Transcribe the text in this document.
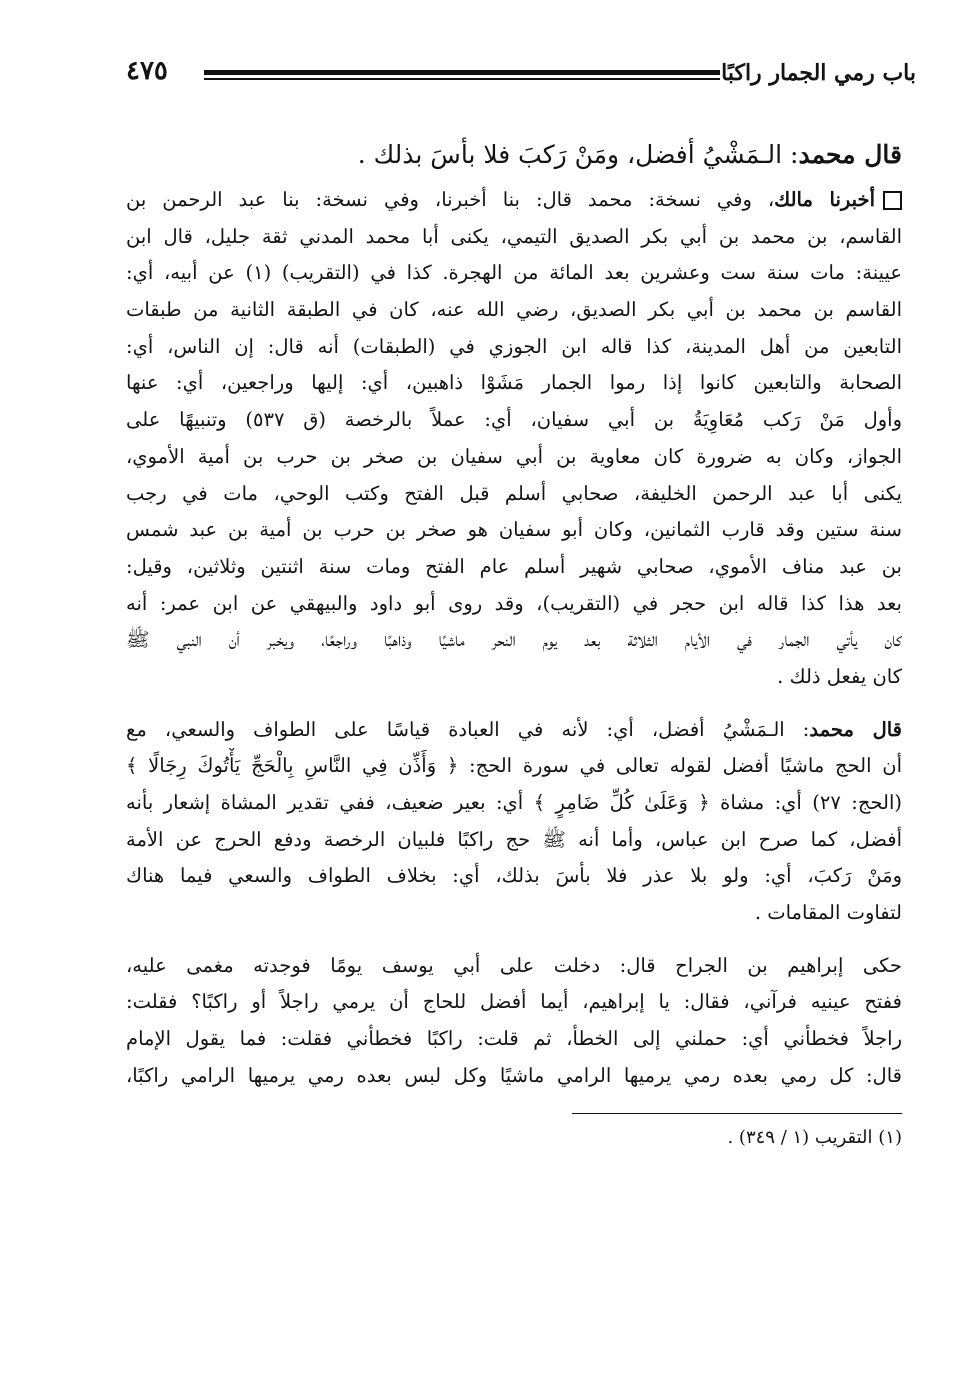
٤٧٥	باب رمي الجمار راكبًا
قال محمد: الـمَشْيُ أفضل، ومَنْ رَكبَ فلا بأسَ بذلك .
أخبرنا مالك، وفي نسخة: محمد قال: بنا أخبرنا، وفي نسخة: بنا عبد الرحمن بن
القاسم، بن محمد بن أبي بكر الصديق التيمي، يكنى أبا محمد المدني ثقة جليل، قال ابن
عيينة: مات سنة ست وعشرين بعد المائة من الهجرة. كذا في (التقريب) (١) عن أبيه، أي:
القاسم بن محمد بن أبي بكر الصديق، رضي الله عنه، كان في الطبقة الثانية من طبقات
التابعين من أهل المدينة، كذا قاله ابن الجوزي في (الطبقات) أنه قال: إن الناس، أي:
الصحابة والتابعين كانوا إذا رموا الجمار مَشَوْا ذاهبين، أي: إليها وراجعين، أي: عنها
وأول مَنْ رَكب مُعَاوِيَةُ بن أبي سفيان، أي: عملاً بالرخصة (ق ٥٣٧) وتنبيهًا على
الجواز، وكان به ضرورة كان معاوية بن أبي سفيان بن صخر بن حرب بن أمية الأموي،
يكنى أبا عبد الرحمن الخليفة، صحابي أسلم قبل الفتح وكتب الوحي، مات في رجب
سنة ستين وقد قارب الثمانين، وكان أبو سفيان هو صخر بن حرب بن أمية بن عبد شمس
بن عبد مناف الأموي، صحابي شهير أسلم عام الفتح ومات سنة اثنتين وثلاثين، وقيل:
بعد هذا كذا قاله ابن حجر في (التقريب)، وقد روى أبو داود والبيهقي عن ابن عمر: أنه
كان يأتي الجمار في الأيام الثلاثة بعد يوم النحر ماشيًا وذاهبًا وراجعًا، ويخبر أن النبي ﷺ
كان يفعل ذلك .
قال محمد: الـمَشْيُ أفضل، أي: لأنه في العبادة قياسًا على الطواف والسعي، مع
أن الحج ماشيًا أفضل لقوله تعالى في سورة الحج: ﴿ وَأَذِّن فِي النَّاسِ بِالْحَجِّ يَأْتُوكَ رِجَالًا ﴾
(الحج: ٢٧) أي: مشاة ﴿ وَعَلَىٰ كُلِّ ضَامِرٍ ﴾ أي: بعير ضعيف، ففي تقدير المشاة إشعار بأنه
أفضل، كما صرح ابن عباس، وأما أنه ﷺ حج راكبًا فلبيان الرخصة ودفع الحرج عن الأمة
ومَنْ رَكبَ، أي: ولو بلا عذر فلا بأسَ بذلك، أي: بخلاف الطواف والسعي فيما هناك
لتفاوت المقامات .
حكى إبراهيم بن الجراح قال: دخلت على أبي يوسف يومًا فوجدته مغمى عليه،
ففتح عينيه فرآني، فقال: يا إبراهيم، أيما أفضل للحاج أن يرمي راجلاً أو راكبًا؟ فقلت:
راجلاً فخطأني أي: حملني إلى الخطأ، ثم قلت: راكبًا فخطأني فقلت: فما يقول الإمام
قال: كل رمي بعده رمي يرميها الرامي ماشيًا وكل لبس بعده رمي يرميها الرامي راكبًا،
(١) التقريب (١ / ٣٤٩) .
